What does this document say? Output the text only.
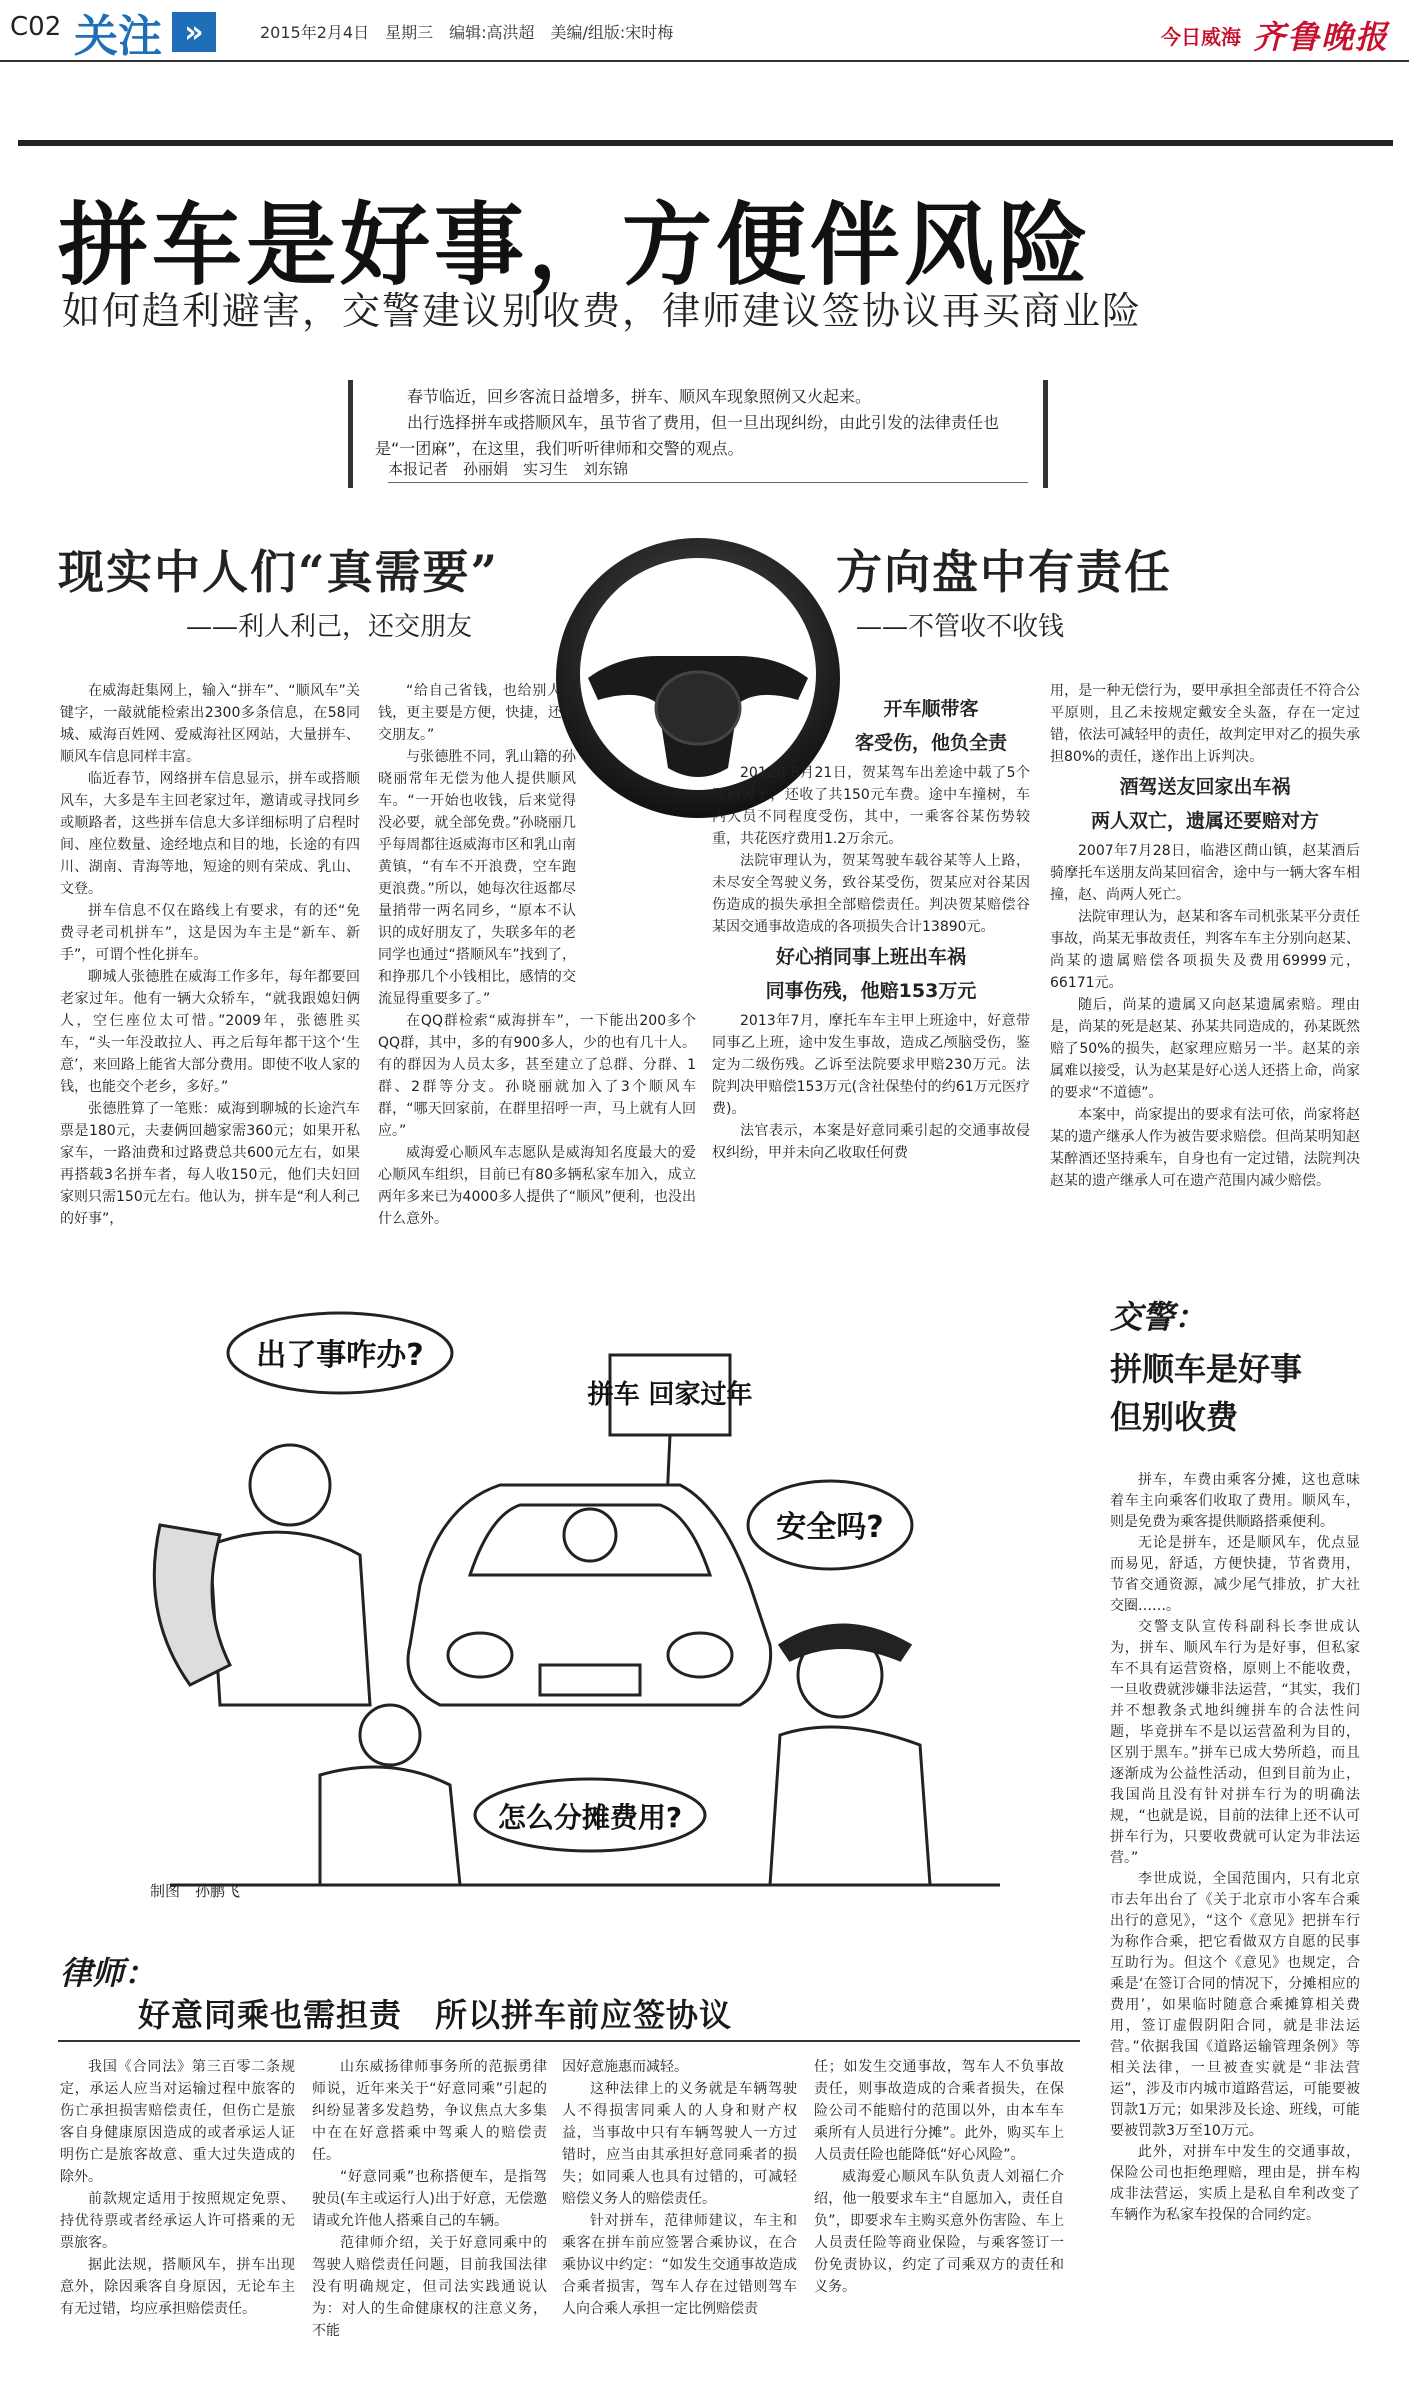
C02 关注 »	2015年2月4日　星期三　编辑:高洪超　美编/组版:宋时梅	今日威海 齐鲁晚报
拼车是好事，方便伴风险
如何趋利避害，交警建议别收费，律师建议签协议再买商业险

春节临近，回乡客流日益增多，拼车、顺风车现象照例又火起来。

出行选择拼车或搭顺风车，虽节省了费用，但一旦出现纠纷，由此引发的法律责任也是“一团麻”，在这里，我们听听律师和交警的观点。

本报记者　孙丽娟　实习生　刘东锦
现实中人们“真需要”
——利人利己，还交朋友
方向盘中有责任
——不管收不收钱

在威海赶集网上，输入“拼车”、“顺风车”关键字，一敲就能检索出2300多条信息，在58同城、威海百姓网、爱威海社区网站，大量拼车、顺风车信息同样丰富。

临近春节，网络拼车信息显示，拼车或搭顺风车，大多是车主回老家过年，邀请或寻找同乡或顺路者，这些拼车信息大多详细标明了启程时间、座位数量、途经地点和目的地，长途的有四川、湖南、青海等地，短途的则有荣成、乳山、文登。

拼车信息不仅在路线上有要求，有的还“免费寻老司机拼车”，这是因为车主是“新车、新手”，可谓个性化拼车。

聊城人张德胜在威海工作多年，每年都要回老家过年。他有一辆大众轿车，“就我跟媳妇俩人，空仨座位太可惜。”2009年，张德胜买车，“头一年没敢拉人、再之后每年都干这个‘生意’，来回路上能省大部分费用。即使不收人家的钱，也能交个老乡，多好。”

张德胜算了一笔账：威海到聊城的长途汽车票是180元，夫妻俩回趟家需360元；如果开私家车，一路油费和过路费总共600元左右，如果再搭载3名拼车者，每人收150元，他们夫妇回家则只需150元左右。他认为，拼车是“利人利己的好事”，

“给自己省钱，也给别人省钱，更主要是方便，快捷，还能交朋友。”

与张德胜不同，乳山籍的孙晓丽常年无偿为他人提供顺风车。“一开始也收钱，后来觉得没必要，就全部免费。”孙晓丽几乎每周都往返威海市区和乳山南黄镇，“有车不开浪费，空车跑更浪费。”所以，她每次往返都尽量捎带一两名同乡，“原本不认识的成好朋友了，失联多年的老同学也通过“搭顺风车”找到了，和挣那几个小钱相比，感情的交流显得重要多了。”

在QQ群检索“威海拼车”，一下能出200多个QQ群，其中，多的有900多人，少的也有几十人。有的群因为人员太多，甚至建立了总群、分群、1群、2群等分支。孙晓丽就加入了3个顺风车群，“哪天回家前，在群里招呼一声，马上就有人回应。”

威海爱心顺风车志愿队是威海知名度最大的爱心顺风车组织，目前已有80多辆私家车加入，成立两年多来已为4000多人提供了“顺风”便利，也没出什么意外。

开车顺带客
客受伤，他负全责

2012年8月21日，贺某驾车出差途中载了5个同路男子，还收了共150元车费。途中车撞树，车内人员不同程度受伤，其中，一乘客谷某伤势较重，共花医疗费用1.2万余元。

法院审理认为，贺某驾驶车载谷某等人上路，未尽安全驾驶义务，致谷某受伤，贺某应对谷某因伤造成的损失承担全部赔偿责任。判决贺某赔偿谷某因交通事故造成的各项损失合计13890元。

好心捎同事上班出车祸
同事伤残，他赔153万元

2013年7月，摩托车车主甲上班途中，好意带同事乙上班，途中发生事故，造成乙颅脑受伤，鉴定为二级伤残。乙诉至法院要求甲赔230万元。法院判决甲赔偿153万元(含社保垫付的约61万元医疗费)。

法官表示，本案是好意同乘引起的交通事故侵权纠纷，甲并未向乙收取任何费

用，是一种无偿行为，要甲承担全部责任不符合公平原则，且乙未按规定戴安全头盔，存在一定过错，依法可减轻甲的责任，故判定甲对乙的损失承担80%的责任，遂作出上诉判决。

酒驾送友回家出车祸
两人双亡，遗属还要赔对方

2007年7月28日，临港区蔄山镇，赵某酒后骑摩托车送朋友尚某回宿舍，途中与一辆大客车相撞，赵、尚两人死亡。

法院审理认为，赵某和客车司机张某平分责任事故，尚某无事故责任，判客车车主分别向赵某、尚某的遗属赔偿各项损失及费用69999元，66171元。

随后，尚某的遗属又向赵某遗属索赔。理由是，尚某的死是赵某、孙某共同造成的，孙某既然赔了50%的损失，赵家理应赔另一半。赵某的亲属难以接受，认为赵某是好心送人还搭上命，尚家的要求“不道德”。

本案中，尚家提出的要求有法可依，尚家将赵某的遗产继承人作为被告要求赔偿。但尚某明知赵某醉酒还坚持乘车，自身也有一定过错，法院判决赵某的遗产继承人可在遗产范围内减少赔偿。

出了事咋办?
拼车 回家过年
安全吗?
怎么分摊费用?
制图　孙鹏飞
交警：
拼顺车是好事
但别收费

拼车，车费由乘客分摊，这也意味着车主向乘客们收取了费用。顺风车，则是免费为乘客提供顺路搭乘便利。

无论是拼车，还是顺风车，优点显而易见，舒适，方便快捷，节省费用，节省交通资源，减少尾气排放，扩大社交圈……。

交警支队宣传科副科长李世成认为，拼车、顺风车行为是好事，但私家车不具有运营资格，原则上不能收费，一旦收费就涉嫌非法运营，“其实，我们并不想教条式地纠缠拼车的合法性问题，毕竟拼车不是以运营盈利为目的，区别于黑车。”拼车已成大势所趋，而且逐渐成为公益性活动，但到目前为止，我国尚且没有针对拼车行为的明确法规，“也就是说，目前的法律上还不认可拼车行为，只要收费就可认定为非法运营。”

李世成说，全国范围内，只有北京市去年出台了《关于北京市小客车合乘出行的意见》，“这个《意见》把拼车行为称作合乘，把它看做双方自愿的民事互助行为。但这个《意见》也规定，合乘是‘在签订合同的情况下，分摊相应的费用’，如果临时随意合乘摊算相关费用，签订虚假阴阳合同，就是非法运营。”依据我国《道路运输管理条例》等相关法律，一旦被查实就是“非法营运”，涉及市内城市道路营运，可能要被罚款1万元；如果涉及长途、班线，可能要被罚款3万至10万元。

此外，对拼车中发生的交通事故，保险公司也拒绝理赔，理由是，拼车构成非法营运，实质上是私自牟利改变了车辆作为私家车投保的合同约定。

律师：
好意同乘也需担责　所以拼车前应签协议

我国《合同法》第三百零二条规定，承运人应当对运输过程中旅客的伤亡承担损害赔偿责任，但伤亡是旅客自身健康原因造成的或者承运人证明伤亡是旅客故意、重大过失造成的除外。

前款规定适用于按照规定免票、持优待票或者经承运人许可搭乘的无票旅客。

据此法规，搭顺风车，拼车出现意外，除因乘客自身原因，无论车主有无过错，均应承担赔偿责任。

山东威扬律师事务所的范振勇律师说，近年来关于“好意同乘”引起的纠纷显著多发趋势，争议焦点大多集中在在好意搭乘中驾乘人的赔偿责任。

“好意同乘”也称搭便车，是指驾驶员(车主或运行人)出于好意，无偿邀请或允许他人搭乘自己的车辆。

范律师介绍，关于好意同乘中的驾驶人赔偿责任问题，目前我国法律没有明确规定，但司法实践通说认为：对人的生命健康权的注意义务，不能

因好意施惠而减轻。

这种法律上的义务就是车辆驾驶人不得损害同乘人的人身和财产权益，当事故中只有车辆驾驶人一方过错时，应当由其承担好意同乘者的损失；如同乘人也具有过错的，可减轻赔偿义务人的赔偿责任。

针对拼车，范律师建议，车主和乘客在拼车前应签署合乘协议，在合乘协议中约定：“如发生交通事故造成合乘者损害，驾车人存在过错则驾车人向合乘人承担一定比例赔偿责

任；如发生交通事故，驾车人不负事故责任，则事故造成的合乘者损失，在保险公司不能赔付的范围以外，由本车车乘所有人员进行分摊”。此外，购买车上人员责任险也能降低“好心风险”。

威海爱心顺风车队负责人刘福仁介绍，他一般要求车主“自愿加入，责任自负”，即要求车主购买意外伤害险、车上人员责任险等商业保险，与乘客签订一份免责协议，约定了司乘双方的责任和义务。
